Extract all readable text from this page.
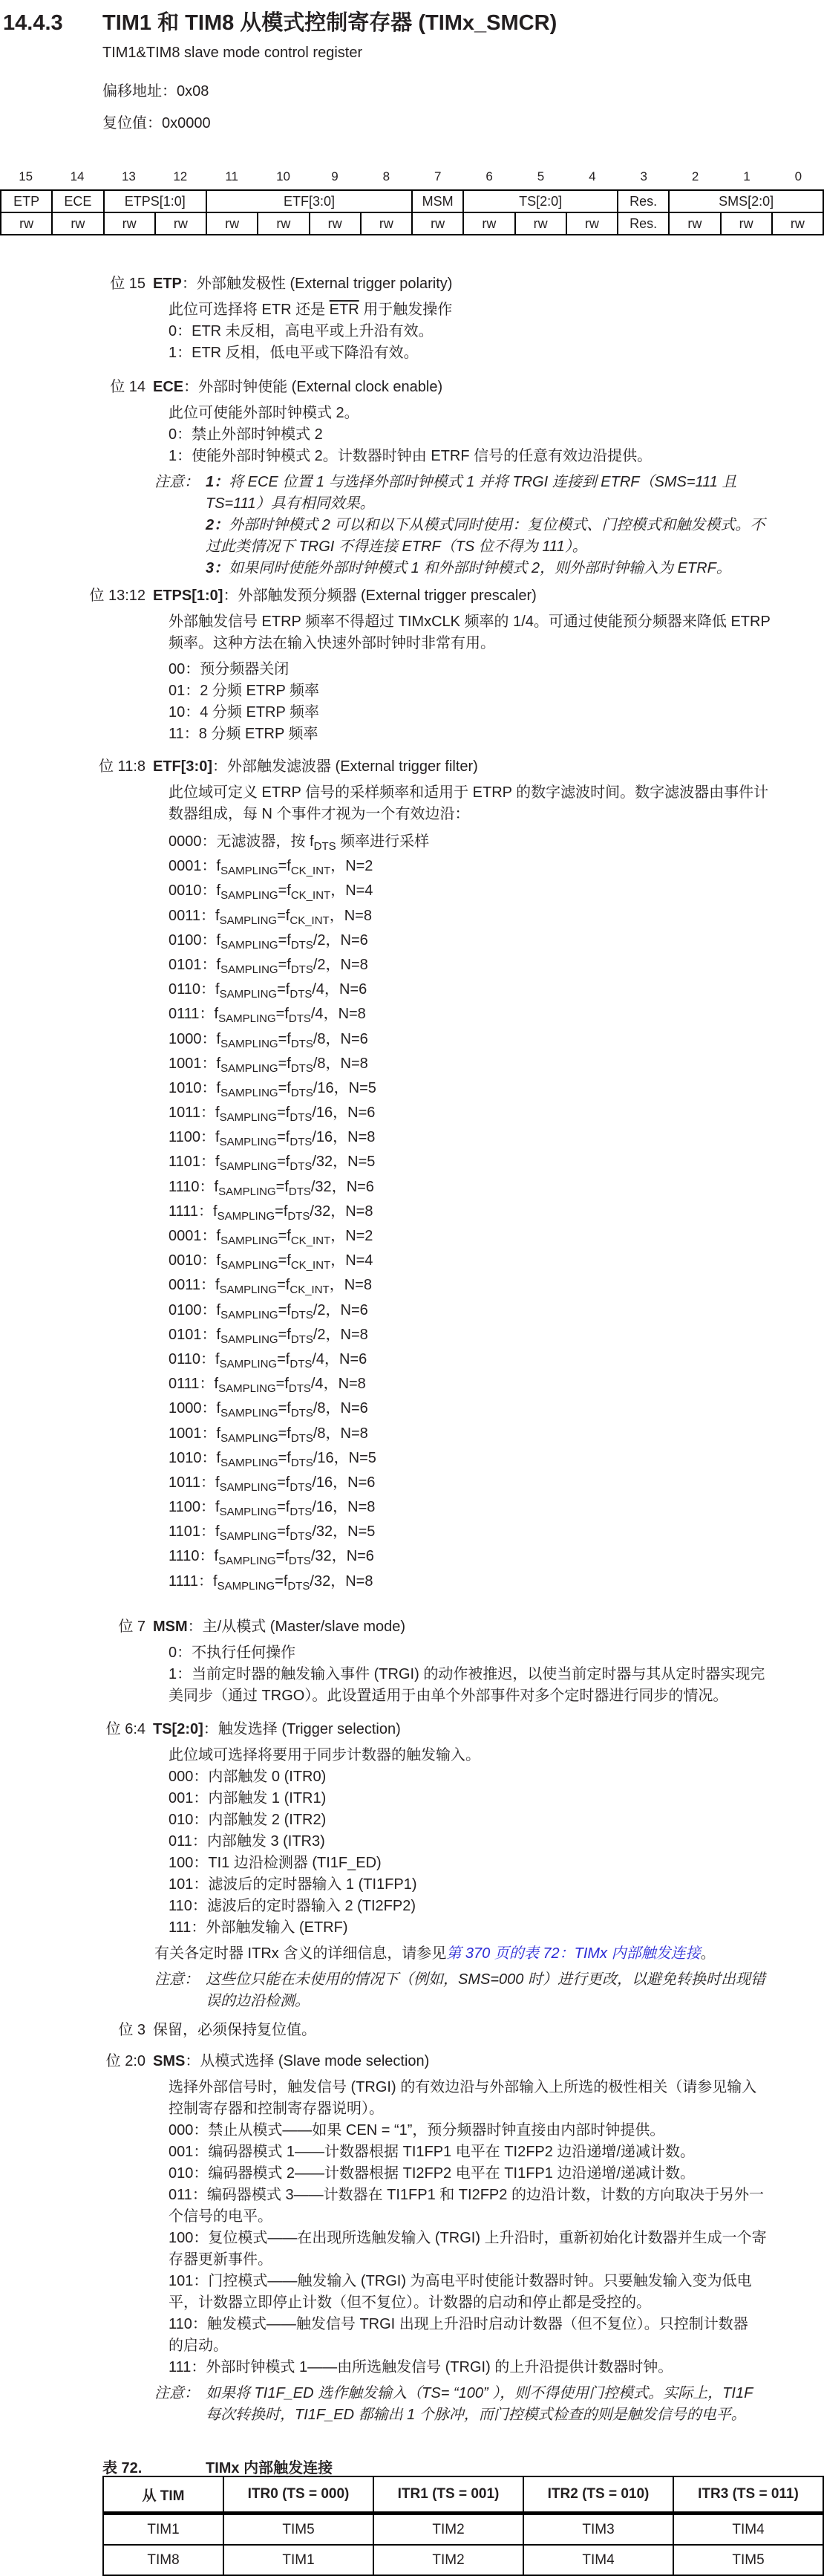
14.4.3 TIM1 和 TIM8 从模式控制寄存器 (TIMx_SMCR)
TIM1&TIM8 slave mode control register
偏移地址：0x08
复位值：0x0000
15	14	13	12	11	10	9	8	7	6	5	4	3	2	1	0
ETP	ECE	ETPS[1:0]		ETF[3:0]				MSM	TS[2:0]			Res.	SMS[2:0]		
rw	rw	rw	rw	rw	rw	rw	rw	rw	rw	rw	rw	Res.	rw	rw	rw
位 15 ETP：外部触发极性 (External trigger polarity)
此位可选择将 ETR 还是 $\overline{ETR}$ 用于触发操作
0：ETR 未反相，高电平或上升沿有效。
1：ETR 反相，低电平或下降沿有效。
位 14 ECE：外部时钟使能 (External clock enable)
此位可使能外部时钟模式 2。
0：禁止外部时钟模式 2
1：使能外部时钟模式 2。计数器时钟由 ETRF 信号的任意有效边沿提供。
注意： 1：将 ECE 位置 1 与选择外部时钟模式 1 并将 TRGI 连接到 ETRF（SMS=111 且
TS=111）具有相同效果。
2：外部时钟模式 2 可以和以下从模式同时使用：复位模式、门控模式和触发模式。不
过此类情况下 TRGI 不得连接 ETRF（TS 位不得为 111）。
3：如果同时使能外部时钟模式 1 和外部时钟模式 2，则外部时钟输入为 ETRF。
位 13:12 ETPS[1:0]：外部触发预分频器 (External trigger prescaler)
外部触发信号 ETRP 频率不得超过 TIMxCLK 频率的 1/4。可通过使能预分频器来降低 ETRP
频率。这种方法在输入快速外部时钟时非常有用。
00：预分频器关闭
01：2 分频 ETRP 频率
10：4 分频 ETRP 频率
11：8 分频 ETRP 频率
位 11:8 ETF[3:0]：外部触发滤波器 (External trigger filter)
此位域可定义 ETRP 信号的采样频率和适用于 ETRP 的数字滤波时间。数字滤波器由事件计
数器组成，每 N 个事件才视为一个有效边沿：
0000：无滤波器，按 $f_{DTS}$ 频率进行采样
0001：$f_{SAMPLING}=f_{CK\_INT}$，N=2
0010：$f_{SAMPLING}=f_{CK\_INT}$，N=4
0011：$f_{SAMPLING}=f_{CK\_INT}$，N=8
0100：$f_{SAMPLING}=f_{DTS}/2$，N=6
0101：$f_{SAMPLING}=f_{DTS}/2$，N=8
0110：$f_{SAMPLING}=f_{DTS}/4$，N=6
0111：$f_{SAMPLING}=f_{DTS}/4$，N=8
1000：$f_{SAMPLING}=f_{DTS}/8$，N=6
1001：$f_{SAMPLING}=f_{DTS}/8$，N=8
1010：$f_{SAMPLING}=f_{DTS}/16$，N=5
1011：$f_{SAMPLING}=f_{DTS}/16$，N=6
1100：$f_{SAMPLING}=f_{DTS}/16$，N=8
1101：$f_{SAMPLING}=f_{DTS}/32$，N=5
1110：$f_{SAMPLING}=f_{DTS}/32$，N=6
1111：$f_{SAMPLING}=f_{DTS}/32$，N=8
0001：$f_{SAMPLING}=f_{CK\_INT}$，N=2
0010：$f_{SAMPLING}=f_{CK\_INT}$，N=4
0011：$f_{SAMPLING}=f_{CK\_INT}$，N=8
0100：$f_{SAMPLING}=f_{DTS}/2$，N=6
0101：$f_{SAMPLING}=f_{DTS}/2$，N=8
0110：$f_{SAMPLING}=f_{DTS}/4$，N=6
0111：$f_{SAMPLING}=f_{DTS}/4$，N=8
1000：$f_{SAMPLING}=f_{DTS}/8$，N=6
1001：$f_{SAMPLING}=f_{DTS}/8$，N=8
1010：$f_{SAMPLING}=f_{DTS}/16$，N=5
1011：$f_{SAMPLING}=f_{DTS}/16$，N=6
1100：$f_{SAMPLING}=f_{DTS}/16$，N=8
1101：$f_{SAMPLING}=f_{DTS}/32$，N=5
1110：$f_{SAMPLING}=f_{DTS}/32$，N=6
1111：$f_{SAMPLING}=f_{DTS}/32$，N=8
位 7 MSM：主/从模式 (Master/slave mode)
0：不执行任何操作
1：当前定时器的触发输入事件 (TRGI) 的动作被推迟，以使当前定时器与其从定时器实现完
美同步（通过 TRGO）。此设置适用于由单个外部事件对多个定时器进行同步的情况。
位 6:4 TS[2:0]：触发选择 (Trigger selection)
此位域可选择将要用于同步计数器的触发输入。
000：内部触发 0 (ITR0)
001：内部触发 1 (ITR1)
010：内部触发 2 (ITR2)
011：内部触发 3 (ITR3)
100：TI1 边沿检测器 (TI1F_ED)
101：滤波后的定时器输入 1 (TI1FP1)
110：滤波后的定时器输入 2 (TI2FP2)
111：外部触发输入 (ETRF)
有关各定时器 ITRx 含义的详细信息，请参见第 370 页的表 72：TIMx 内部触发连接。
注意： 这些位只能在未使用的情况下（例如，SMS=000 时）进行更改，以避免转换时出现错
误的边沿检测。
位 3 保留，必须保持复位值。
位 2:0 SMS：从模式选择 (Slave mode selection)
选择外部信号时，触发信号 (TRGI) 的有效边沿与外部输入上所选的极性相关（请参见输入
控制寄存器和控制寄存器说明）。
000：禁止从模式——如果 CEN = “1”，预分频器时钟直接由内部时钟提供。
001：编码器模式 1——计数器根据 TI1FP1 电平在 TI2FP2 边沿递增/递减计数。
010：编码器模式 2——计数器根据 TI2FP2 电平在 TI1FP1 边沿递增/递减计数。
011：编码器模式 3——计数器在 TI1FP1 和 TI2FP2 的边沿计数，计数的方向取决于另外一
个信号的电平。
100：复位模式——在出现所选触发输入 (TRGI) 上升沿时，重新初始化计数器并生成一个寄
存器更新事件。
101：门控模式——触发输入 (TRGI) 为高电平时使能计数器时钟。只要触发输入变为低电
平，计数器立即停止计数（但不复位）。计数器的启动和停止都是受控的。
110：触发模式——触发信号 TRGI 出现上升沿时启动计数器（但不复位）。只控制计数器
的启动。
111：外部时钟模式 1——由所选触发信号 (TRGI) 的上升沿提供计数器时钟。
注意： 如果将 TI1F_ED 选作触发输入（TS= “100” ），则不得使用门控模式。实际上，TI1F
每次转换时，TI1F_ED 都输出 1 个脉冲，而门控模式检查的则是触发信号的电平。
表 72.	TIMx 内部触发连接
从 TIM	ITR0 (TS = 000)	ITR1 (TS = 001)	ITR2 (TS = 010)	ITR3 (TS = 011)
TIM1	TIM5	TIM2	TIM3	TIM4
TIM8	TIM1	TIM2	TIM4	TIM5
